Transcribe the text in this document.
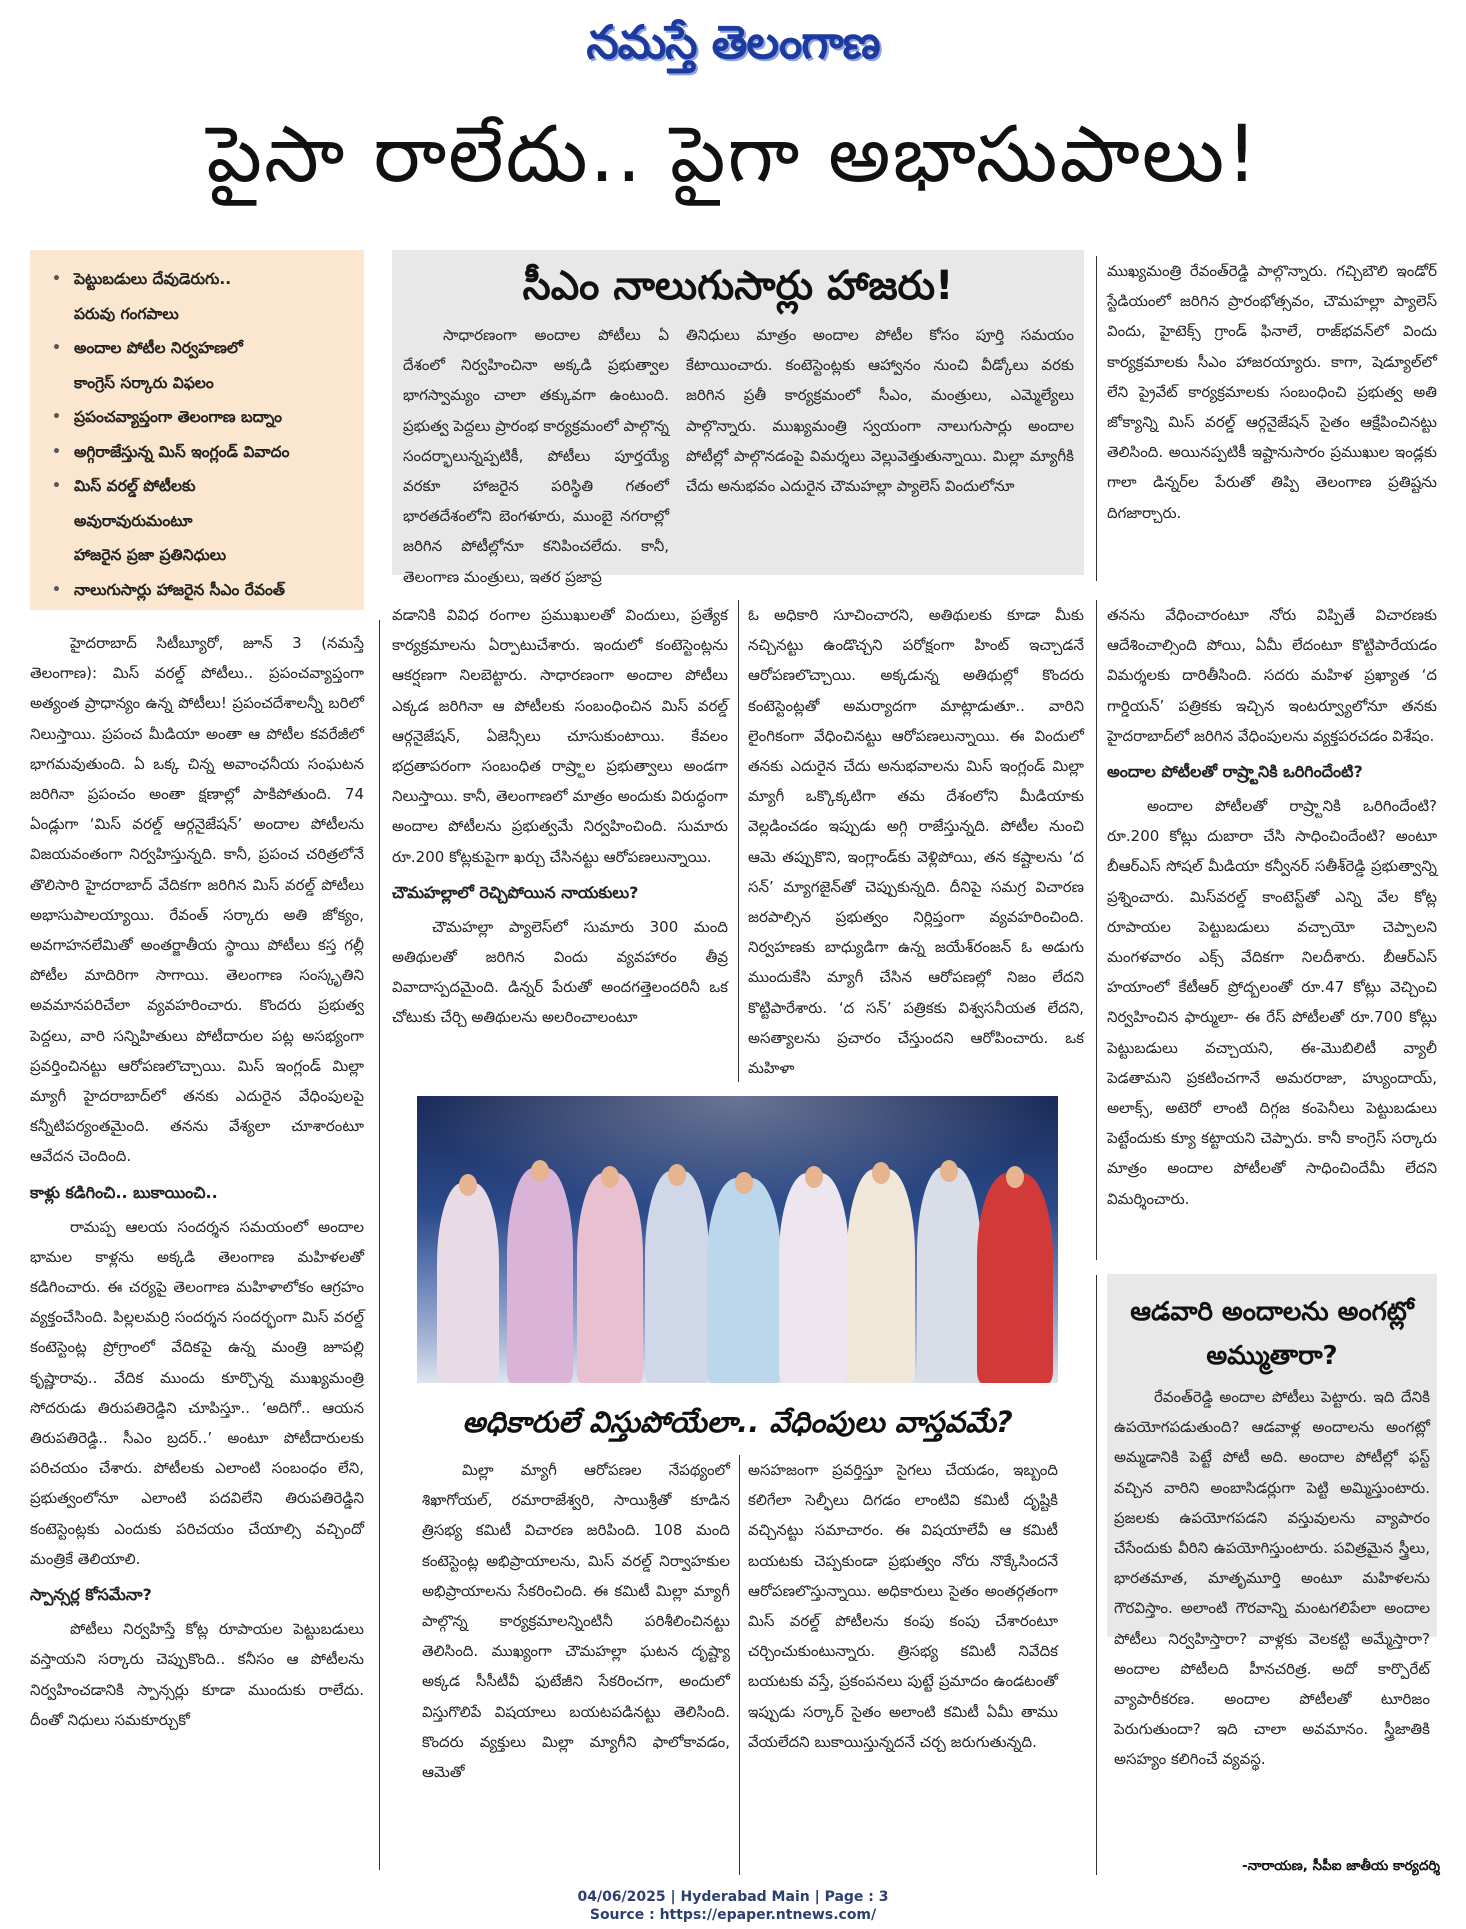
నమస్తే తెలంగాణ
పైసా రాలేదు.. పైగా అభాసుపాలు!
• పెట్టుబడులు దేవుడెరుగు..
పరువు గంగపాలు
• అందాల పోటీల నిర్వహణలో
కాంగ్రెస్ సర్కారు విఫలం
• ప్రపంచవ్యాప్తంగా తెలంగాణ బద్నాం
• అగ్గిరాజేస్తున్న మిస్ ఇంగ్లండ్ వివాదం
• మిస్ వరల్డ్ పోటీలకు
అవురావురుమంటూ
హాజరైన ప్రజా ప్రతినిధులు
• నాలుగుసార్లు హాజరైన సీఎం రేవంత్
సీఎం నాలుగుసార్లు హాజరు!

సాధారణంగా అందాల పోటీలు ఏ దేశంలో నిర్వహించినా అక్కడి ప్రభుత్వాల భాగస్వామ్యం చాలా తక్కువగా ఉంటుంది. ప్రభుత్వ పెద్దలు ప్రారంభ కార్యక్రమంలో పాల్గొన్న సందర్భాలున్నప్పటికీ, పోటీలు పూర్తయ్యే వరకూ హాజరైన పరిస్థితి గతంలో భారతదేశంలోని బెంగళూరు, ముంబై నగరాల్లో జరిగిన పోటీల్లోనూ కనిపించలేదు. కానీ, తెలంగాణ మంత్రులు, ఇతర ప్రజాప్ర

తినిధులు మాత్రం అందాల పోటీల కోసం పూర్తి సమయం కేటాయించారు. కంటెస్టెంట్లకు ఆహ్వానం నుంచి వీడ్కోలు వరకు జరిగిన ప్రతీ కార్యక్రమంలో సీఎం, మంత్రులు, ఎమ్మెల్యేలు పాల్గొన్నారు. ముఖ్యమంత్రి స్వయంగా నాలుగుసార్లు అందాల పోటీల్లో పాల్గొనడంపై విమర్శలు వెల్లువెత్తుతున్నాయి. మిల్లా మ్యాగీకి చేదు అనుభవం ఎదురైన చౌమహల్లా ప్యాలెస్ విందులోనూ

ముఖ్యమంత్రి రేవంత్‌రెడ్డి పాల్గొన్నారు. గచ్చిబౌలి ఇండోర్ స్టేడియంలో జరిగిన ప్రారంభోత్సవం, చౌమహల్లా ప్యాలెస్ విందు, హైటెక్స్ గ్రాండ్ ఫినాలే, రాజ్‌భవన్‌లో విందు కార్యక్రమాలకు సీఎం హాజరయ్యారు. కాగా, షెడ్యూల్‌లో లేని ప్రైవేట్ కార్యక్రమాలకు సంబంధించి ప్రభుత్వ అతి జోక్యాన్ని మిస్ వరల్డ్ ఆర్గనైజేషన్ సైతం ఆక్షేపించినట్టు తెలిసింది. అయినప్పటికీ ఇష్టానుసారం ప్రముఖుల ఇండ్లకు గాలా డిన్నర్‌ల పేరుతో తిప్పి తెలంగాణ ప్రతిష్టను దిగజార్చారు.

హైదరాబాద్ సిటీబ్యూరో, జూన్ 3 (నమస్తే తెలంగాణ): మిస్ వరల్డ్ పోటీలు.. ప్రపంచవ్యాప్తంగా అత్యంత ప్రాధాన్యం ఉన్న పోటీలు! ప్రపంచదేశాలన్నీ బరిలో నిలుస్తాయి. ప్రపంచ మీడియా అంతా ఆ పోటీల కవరేజీలో భాగమవుతుంది. ఏ ఒక్క చిన్న అవాంఛనీయ సంఘటన జరిగినా ప్రపంచం అంతా క్షణాల్లో పాకిపోతుంది. 74 ఏండ్లుగా ‘మిస్ వరల్డ్ ఆర్గనైజేషన్’ అందాల పోటీలను విజయవంతంగా నిర్వహిస్తున్నది. కానీ, ప్రపంచ చరిత్రలోనే తొలిసారి హైదరాబాద్ వేదికగా జరిగిన మిస్ వరల్డ్ పోటీలు అభాసుపాలయ్యాయి. రేవంత్ సర్కారు అతి జోక్యం, అవగాహనలేమితో అంతర్జాతీయ స్థాయి పోటీలు కస్త గల్లీ పోటీల మాదిరిగా సాగాయి. తెలంగాణ సంస్కృతిని అవమానపరిచేలా వ్యవహరించారు. కొందరు ప్రభుత్వ పెద్దలు, వారి సన్నిహితులు పోటీదారుల పట్ల అసభ్యంగా ప్రవర్తించినట్టు ఆరోపణలొచ్చాయి. మిస్ ఇంగ్లండ్ మిల్లా మ్యాగీ హైదరాబాద్‌లో తనకు ఎదురైన వేధింపులపై కన్నీటిపర్యంతమైంది. తనను వేశ్యలా చూశారంటూ ఆవేదన చెందింది.

కాళ్లు కడిగించి.. బుకాయించి..

రామప్ప ఆలయ సందర్శన సమయంలో అందాల భామల కాళ్లను అక్కడి తెలంగాణ మహిళలతో కడిగించారు. ఈ చర్యపై తెలంగాణ మహిళాలోకం ఆగ్రహం వ్యక్తంచేసింది. పిల్లలమర్రి సందర్శన సందర్భంగా మిస్ వరల్డ్ కంటెస్టెంట్ల ప్రోగ్రాంలో వేదికపై ఉన్న మంత్రి జూపల్లి కృష్ణారావు.. వేదిక ముందు కూర్చొన్న ముఖ్యమంత్రి సోదరుడు తిరుపతిరెడ్డిని చూపిస్తూ.. ‘అదిగో.. ఆయన తిరుపతిరెడ్డి.. సీఎం బ్రదర్..’ అంటూ పోటీదారులకు పరిచయం చేశారు. పోటీలకు ఎలాంటి సంబంధం లేని, ప్రభుత్వంలోనూ ఎలాంటి పదవిలేని తిరుపతిరెడ్డిని కంటెస్టెంట్లకు ఎందుకు పరిచయం చేయాల్సి వచ్చిందో మంత్రికే తెలియాలి.

స్పాన్సర్ల కోసమేనా?

పోటీలు నిర్వహిస్తే కోట్ల రూపాయల పెట్టుబడులు వస్తాయని సర్కారు చెప్పుకొంది.. కనీసం ఆ పోటీలను నిర్వహించడానికి స్పాన్సర్లు కూడా ముందుకు రాలేదు. దీంతో నిధులు సమకూర్చుకో

వడానికి వివిధ రంగాల ప్రముఖులతో విందులు, ప్రత్యేక కార్యక్రమాలను ఏర్పాటుచేశారు. ఇందులో కంటెస్టెంట్లను ఆకర్షణగా నిలబెట్టారు. సాధారణంగా అందాల పోటీలు ఎక్కడ జరిగినా ఆ పోటీలకు సంబంధించిన మిస్ వరల్డ్ ఆర్గనైజేషన్, ఏజెన్సీలు చూసుకుంటాయి. కేవలం భద్రతాపరంగా సంబంధిత రాష్ర్టాల ప్రభుత్వాలు అండగా నిలుస్తాయి. కానీ, తెలంగాణలో మాత్రం అందుకు విరుద్ధంగా అందాల పోటీలను ప్రభుత్వమే నిర్వహించింది. సుమారు రూ.200 కోట్లకుపైగా ఖర్చు చేసినట్టు ఆరోపణలున్నాయి.

చౌమహల్లాలో రెచ్చిపోయిన నాయకులు?

చౌమహల్లా ప్యాలెస్‌లో సుమారు 300 మంది అతిథులతో జరిగిన విందు వ్యవహారం తీవ్ర వివాదాస్పదమైంది. డిన్నర్ పేరుతో అందగత్తెలందరినీ ఒక చోటుకు చేర్చి అతిథులను అలరించాలంటూ

ఓ అధికారి సూచించారని, అతిథులకు కూడా మీకు నచ్చినట్టు ఉండొచ్చని పరోక్షంగా హింట్ ఇచ్చాడనే ఆరోపణలొచ్చాయి. అక్కడున్న అతిథుల్లో కొందరు కంటెస్టెంట్లతో అమర్యాదగా మాట్లాడుతూ.. వారిని లైంగికంగా వేధించినట్టు ఆరోపణలున్నాయి. ఈ విందులో తనకు ఎదురైన చేదు అనుభవాలను మిస్ ఇంగ్లండ్ మిల్లా మ్యాగీ ఒక్కొక్కటిగా తమ దేశంలోని మీడియాకు వెల్లడించడం ఇప్పుడు అగ్గి రాజేస్తున్నది. పోటీల నుంచి ఆమె తప్పుకొని, ఇంగ్లాండ్‌కు వెళ్లిపోయి, తన కష్టాలను ‘ద సన్’ మ్యాగజైన్‌తో చెప్పుకున్నది. దీనిపై సమగ్ర విచారణ జరపాల్సిన ప్రభుత్వం నిర్లిప్తంగా వ్యవహరించింది. నిర్వహణకు బాధ్యుడిగా ఉన్న జయేశ్‌రంజన్ ఓ అడుగు ముందుకేసి మ్యాగీ చేసిన ఆరోపణల్లో నిజం లేదని కొట్టిపారేశారు. ‘ద సన్’ పత్రికకు విశ్వసనీయత లేదని, అసత్యాలను ప్రచారం చేస్తుందని ఆరోపించారు. ఒక మహిళా

తనను వేధించారంటూ నోరు విప్పితే విచారణకు ఆదేశించాల్సింది పోయి, ఏమీ లేదంటూ కొట్టిపారేయడం విమర్శలకు దారితీసింది. సదరు మహిళ ప్రఖ్యాత ‘ద గార్డియన్’ పత్రికకు ఇచ్చిన ఇంటర్వ్యూలోనూ తనకు హైదరాబాద్‌లో జరిగిన వేధింపులను వ్యక్తపరచడం విశేషం.

అందాల పోటీలతో రాష్ర్టానికి ఒరిగిందేంటి?

అందాల పోటీలతో రాష్ర్టానికి ఒరిగిందేంటి? రూ.200 కోట్లు దుబారా చేసి సాధించిందేంటి? అంటూ బీఆర్ఎస్ సోషల్ మీడియా కన్వీనర్ సతీశ్‌రెడ్డి ప్రభుత్వాన్ని ప్రశ్నించారు. మిస్‌వరల్డ్ కాంటెస్ట్‌తో ఎన్ని వేల కోట్ల రూపాయల పెట్టుబడులు వచ్చాయో చెప్పాలని మంగళవారం ఎక్స్ వేదికగా నిలదీశారు. బీఆర్ఎస్ హయాంలో కేటీఆర్ ప్రోద్బలంతో రూ.47 కోట్లు వెచ్చించి నిర్వహించిన ఫార్ములా- ఈ రేస్ పోటీలతో రూ.700 కోట్లు పెట్టుబడులు వచ్చాయని, ఈ-మొబిలిటీ వ్యాలీ పెడతామని ప్రకటించగానే అమరరాజా, హ్యుందాయ్, అలాక్స్, అటెరో లాంటి దిగ్గజ కంపెనీలు పెట్టుబడులు పెట్టేందుకు క్యూ కట్టాయని చెప్పారు. కానీ కాంగ్రెస్ సర్కారు మాత్రం అందాల పోటీలతో సాధించిందేమీ లేదని విమర్శించారు.

అధికారులే విస్తుపోయేలా.. వేధింపులు వాస్తవమే?

మిల్లా మ్యాగీ ఆరోపణల నేపథ్యంలో శిఖాగోయల్, రమారాజేశ్వరి, సాయిశ్రీతో కూడిన త్రిసభ్య కమిటీ విచారణ జరిపింది. 108 మంది కంటెస్టెంట్ల అభిప్రాయాలను, మిస్ వరల్డ్ నిర్వాహకుల అభిప్రాయాలను సేకరించింది. ఈ కమిటీ మిల్లా మ్యాగీ పాల్గొన్న కార్యక్రమాలన్నింటినీ పరిశీలించినట్టు తెలిసింది. ముఖ్యంగా చౌమహల్లా ఘటన దృష్ట్యా అక్కడ సీసీటీవీ ఫుటేజీని సేకరించగా, అందులో విస్తుగొలిపే విషయాలు బయటపడినట్టు తెలిసింది. కొందరు వ్యక్తులు మిల్లా మ్యాగీని ఫాలోకావడం, ఆమెతో

అసహజంగా ప్రవర్తిస్తూ సైగలు చేయడం, ఇబ్బంది కలిగేలా సెల్ఫీలు దిగడం లాంటివి కమిటీ దృష్టికి వచ్చినట్టు సమాచారం. ఈ విషయాలేవీ ఆ కమిటీ బయటకు చెప్పకుండా ప్రభుత్వం నోరు నొక్కేసిందనే ఆరోపణలొస్తున్నాయి. అధికారులు సైతం అంతర్గతంగా మిస్ వరల్డ్ పోటీలను కంపు కంపు చేశారంటూ చర్చించుకుంటున్నారు. త్రిసభ్య కమిటీ నివేదిక బయటకు వస్తే, ప్రకంపనలు పుట్టే ప్రమాదం ఉండటంతో ఇప్పుడు సర్కార్ సైతం అలాంటి కమిటీ ఏమీ తాము వేయలేదని బుకాయిస్తున్నదనే చర్చ జరుగుతున్నది.

ఆడవారి అందాలను అంగట్లో అమ్ముతారా?

రేవంత్‌రెడ్డి అందాల పోటీలు పెట్టారు. ఇది దేనికి ఉపయోగపడుతుంది? ఆడవాళ్ల అందాలను అంగట్లో అమ్మడానికి పెట్టే పోటీ అది. అందాల పోటీల్లో ఫస్ట్ వచ్చిన వారిని అంబాసిడర్లుగా పెట్టి అమ్మిస్తుంటారు. ప్రజలకు ఉపయోగపడని వస్తువులను వ్యాపారం చేసేందుకు వీరిని ఉపయోగిస్తుంటారు. పవిత్రమైన స్త్రీలు, భారతమాత, మాతృమూర్తి అంటూ మహిళలను గౌరవిస్తాం. అలాంటి గౌరవాన్ని మంటగలిపేలా అందాల పోటీలు నిర్వహిస్తారా? వాళ్లకు వెలకట్టి అమ్మేస్తారా? అందాల పోటీలది హీనచరిత్ర. అదో కార్పొరేట్ వ్యాపారీకరణ. అందాల పోటీలతో టూరిజం పెరుగుతుందా? ఇది చాలా అవమానం. స్త్రీజాతికి అసహ్యం కలిగించే వ్యవస్థ.

-నారాయణ, సీపీఐ జాతీయ కార్యదర్శి
04/06/2025 | Hyderabad Main | Page : 3
Source : https://epaper.ntnews.com/
